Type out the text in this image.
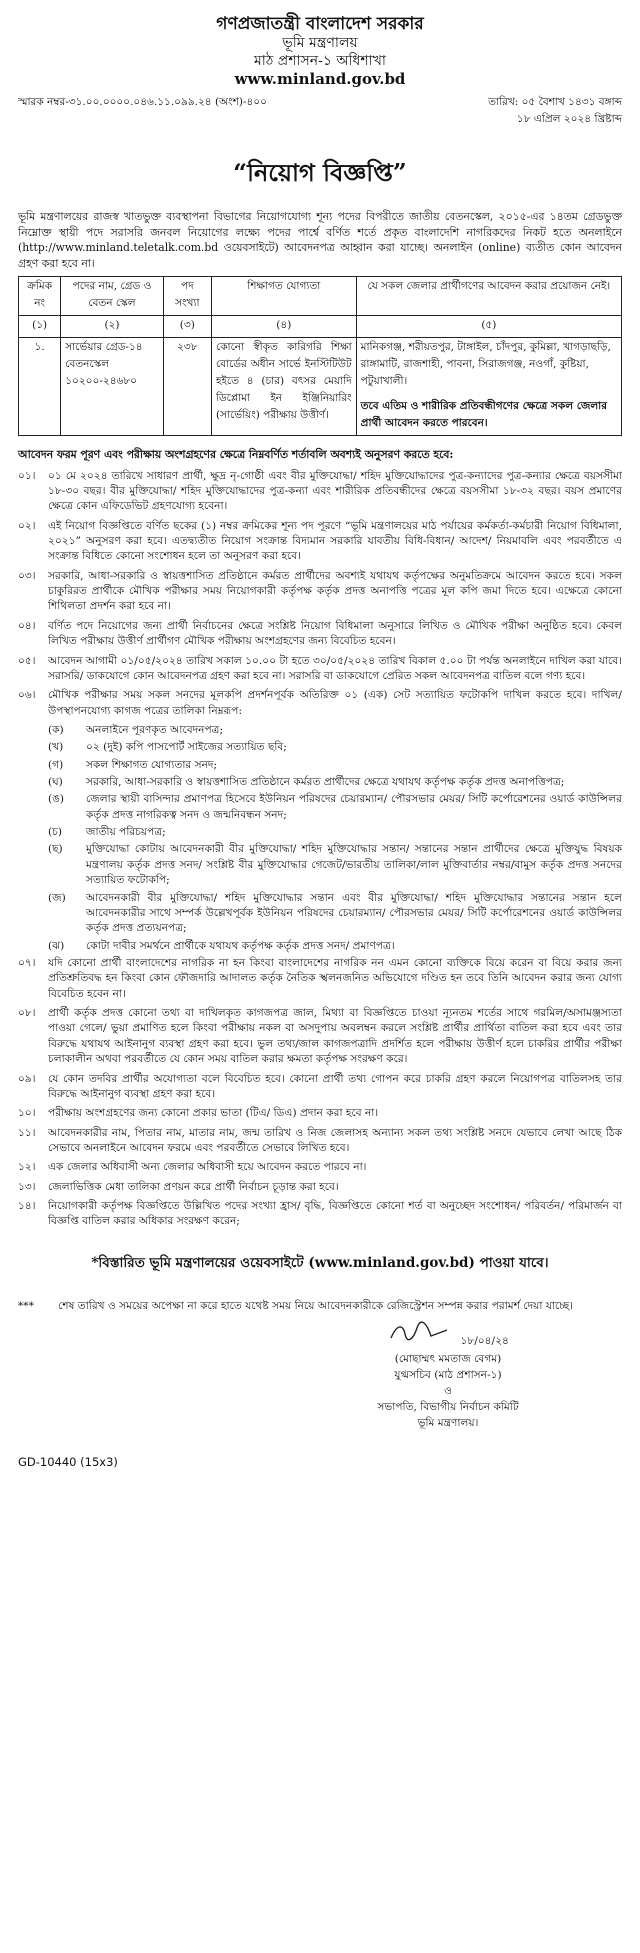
গণপ্রজাতন্ত্রী বাংলাদেশ সরকার
ভূমি মন্ত্রণালয়
মাঠ প্রশাসন-১ অধিশাখা
www.minland.gov.bd
স্মারক নম্বর-৩১.০০.০০০০.০৪৬.১১.০৯৯.২৪ (অংশ)-৪০০	তারিখ: ০৫ বৈশাখ ১৪৩১ বঙ্গাব্দ
১৮ এপ্রিল ২০২৪ খ্রিষ্টাব্দ
“নিয়োগ বিজ্ঞপ্তি”

ভূমি মন্ত্রণালয়ের রাজস্ব খাতভুক্ত ব্যবস্থাপনা বিভাগের নিয়োগযোগ্য শূন্য পদের বিপরীতে জাতীয় বেতনস্কেল, ২০১৫-এর ১৪তম গ্রেডভুক্ত নিম্নোক্ত স্থায়ী পদে সরাসরি জনবল নিয়োগের লক্ষ্যে পদের পার্শ্বে বর্ণিত শর্তে প্রকৃত বাংলাদেশি নাগরিকদের নিকট হতে অনলাইনে (http://www.minland.teletalk.com.bd ওয়েবসাইটে) আবেদনপত্র আহ্বান করা যাচ্ছে। অনলাইন (online) ব্যতীত কোন আবেদন গ্রহণ করা হবে না।

ক্রমিক নং	পদের নাম, গ্রেড ও বেতন স্কেল	পদ সংখ্যা	শিক্ষাগত যোগ্যতা	যে সকল জেলার প্রার্থীগণের আবেদন করার প্রয়োজন নেই।
(১)	(২)	(৩)	(৪)	(৫)
১.	সার্ভেয়ার গ্রেড-১৪ বেতনস্কেল ১০২০০-২৪৬৮০	২৩৮	কোনো স্বীকৃত কারিগরি শিক্ষা বোর্ডের অধীন সার্ভে ইনস্টিটিউট হইতে ৪ (চার) বৎসর মেয়াদি ডিপ্লোমা ইন ইঞ্জিনিয়ারিং (সার্ভেয়িং) পরীক্ষায় উত্তীর্ণ।	মানিকগঞ্জ, শরীয়তপুর, টাঙ্গাইল, চাঁদপুর, কুমিল্লা, খাগড়াছড়ি, রাঙ্গামাটি, রাজশাহী, পাবনা, সিরাজগঞ্জ, নওগাঁ, কুষ্টিয়া, পটুয়াখালী।
তবে এতিম ও শারীরিক প্রতিবন্ধীগণের ক্ষেত্রে সকল জেলার প্রার্থী আবেদন করতে পারবেন।
আবেদন ফরম পূরণ এবং পরীক্ষায় অংশগ্রহণের ক্ষেত্রে নিম্নবর্ণিত শর্তাবলি অবশ্যই অনুসরণ করতে হবে:
০১।	০১ মে ২০২৪ তারিখে সাধারণ প্রার্থী, ক্ষুদ্র নৃ-গোষ্ঠী এবং বীর মুক্তিযোদ্ধা/ শহিদ মুক্তিযোদ্ধাদের পুত্র-কন্যাদের পুত্র-কন্যার ক্ষেত্রে বয়সসীমা ১৮-৩০ বছর। বীর মুক্তিযোদ্ধা/ শহিদ মুক্তিযোদ্ধাদের পুত্র-কন্যা এবং শারীরিক প্রতিবন্ধীদের ক্ষেত্রে বয়সসীমা ১৮-৩২ বছর। বয়স প্রমাণের ক্ষেত্রে কোন এফিডেভিট গ্রহণযোগ্য হবেনা।
০২।	এই নিয়োগ বিজ্ঞপ্তিতে বর্ণিত ছকের (১) নম্বর ক্রমিকের শূন্য পদ পূরণে “ভূমি মন্ত্রণালয়ের মাঠ পর্যায়ের কর্মকর্তা-কর্মচারী নিয়োগ বিধিমালা, ২০২১” অনুসরণ করা হবে। এতদ্ব্যতীত নিয়োগ সংক্রান্ত বিদ্যমান সরকারি যাবতীয় বিধি-বিধান/ আদেশ/ নিয়মাবলি এবং পরবর্তীতে এ সংক্রান্ত বিধিতে কোনো সংশোধন হলে তা অনুসরণ করা হবে।
০৩।	সরকারি, আধা-সরকারি ও স্বায়ত্তশাসিত প্রতিষ্ঠানে কর্মরত প্রার্থীদের অবশ্যই যথাযথ কর্তৃপক্ষের অনুমতিক্রমে আবেদন করতে হবে। সকল চাকুরিরত প্রার্থীকে মৌখিক পরীক্ষার সময় নিয়োগকারী কর্তৃপক্ষ কর্তৃক প্রদত্ত অনাপত্তি পত্রের মূল কপি জমা দিতে হবে। এক্ষেত্রে কোনো শিথিলতা প্রদর্শন করা হবে না।
০৪।	বর্ণিত পদে নিয়োগের জন্য প্রার্থী নির্বাচনের ক্ষেত্রে সংশ্লিষ্ট নিয়োগ বিধিমালা অনুসারে লিখিত ও মৌখিক পরীক্ষা অনুষ্ঠিত হবে। কেবল লিখিত পরীক্ষায় উত্তীর্ণ প্রার্থীগণ মৌখিক পরীক্ষায় অংশগ্রহণের জন্য বিবেচিত হবেন।
০৫।	আবেদন আগামী ০১/০৫/২০২৪ তারিখ সকাল ১০.০০ টা হতে ৩০/০৫/২০২৪ তারিখ বিকাল ৫.০০ টা পর্যন্ত অনলাইনে দাখিল করা যাবে। সরাসরি/ ডাকযোগে কোন আবেদনপত্র গ্রহণ করা হবে না। সরাসরি বা ডাকযোগে প্রেরিত সকল আবেদনপত্র বাতিল বলে গণ্য হবে।
০৬।	মৌখিক পরীক্ষার সময় সকল সনদের মূলকপি প্রদর্শনপূর্বক অতিরিক্ত ০১ (এক) সেট সত্যায়িত ফটোকপি দাখিল করতে হবে। দাখিল/ উপস্থাপনযোগ্য কাগজ পত্রের তালিকা নিম্নরূপ:
(ক)	অনলাইনে পূরণকৃত আবেদনপত্র;
(খ)	০২ (দুই) কপি পাসপোর্ট সাইজের সত্যায়িত ছবি;
(গ)	সকল শিক্ষাগত যোগ্যতার সনদ;
(ঘ)	সরকারি, আধা-সরকারি ও স্বায়ত্তশাসিত প্রতিষ্ঠানে কর্মরত প্রার্থীদের ক্ষেত্রে যথাযথ কর্তৃপক্ষ কর্তৃক প্রদত্ত অনাপত্তিপত্র;
(ঙ)	জেলার স্থায়ী বাসিন্দার প্রমাণপত্র হিসেবে ইউনিয়ন পরিষদের চেয়ারম্যান/ পৌরসভার মেয়র/ সিটি কর্পোরেশনের ওয়ার্ড কাউন্সিলর কর্তৃক প্রদত্ত নাগরিকত্ব সনদ ও জন্মনিবন্ধন সনদ;
(চ)	জাতীয় পরিচয়পত্র;
(ছ)	মুক্তিযোদ্ধা কোটায় আবেদনকারী বীর মুক্তিযোদ্ধা/ শহিদ মুক্তিযোদ্ধার সন্তান/ সন্তানের সন্তান প্রার্থীদের ক্ষেত্রে মুক্তিযুদ্ধ বিষয়ক মন্ত্রণালয় কর্তৃক প্রদত্ত সনদ/ সংশ্লিষ্ট বীর মুক্তিযোদ্ধার গেজেট/ভারতীয় তালিকা/লাল মুক্তিবার্তার নম্বর/বামুস কর্তৃক প্রদত্ত সনদের সত্যায়িত ফটোকপি;
(জ)	আবেদনকারী বীর মুক্তিযোদ্ধা/ শহিদ মুক্তিযোদ্ধার সন্তান এবং বীর মুক্তিযোদ্ধা/ শহিদ মুক্তিযোদ্ধার সন্তানের সন্তান হলে আবেদনকারীর সাথে সম্পর্ক উল্লেখপূর্বক ইউনিয়ন পরিষদের চেয়ারম্যান/ পৌরসভার মেয়র/ সিটি কর্পোরেশনের ওয়ার্ড কাউন্সিলর কর্তৃক প্রদত্ত প্রত্যয়নপত্র;
(ঝ)	কোটা দাবীর সমর্থনে প্রার্থীকে যথাযথ কর্তৃপক্ষ কর্তৃক প্রদত্ত সনদ/ প্রমাণপত্র।
০৭।	যদি কোনো প্রার্থী বাংলাদেশের নাগরিক না হন কিংবা বাংলাদেশের নাগরিক নন এমন কোনো ব্যক্তিকে বিয়ে করেন বা বিয়ে করার জন্য প্রতিশ্রুতিবদ্ধ হন কিংবা কোন ফৌজদারি আদালত কর্তৃক নৈতিক স্খলনজনিত অভিযোগে দণ্ডিত হন তবে তিনি আবেদন করার জন্য যোগ্য বিবেচিত হবেন না।
০৮।	প্রার্থী কর্তৃক প্রদত্ত কোনো তথ্য বা দাখিলকৃত কাগজপত্র জাল, মিথ্যা বা বিজ্ঞপ্তিতে চাওয়া ন্যূনতম শর্তের সাথে গরমিল/অসামঞ্জস্যতা পাওয়া গেলে/ ভুয়া প্রমাণিত হলে কিংবা পরীক্ষায় নকল বা অসদুপায় অবলম্বন করলে সংশ্লিষ্ট প্রার্থীর প্রার্থিতা বাতিল করা হবে এবং তার বিরুদ্ধে যথাযথ আইনানুগ ব্যবস্থা গ্রহণ করা হবে। ভুল তথ্য/জাল কাগজপত্রাদি প্রদর্শিত হলে পরীক্ষায় উত্তীর্ণ হলে চাকরির প্রার্থীর পরীক্ষা চলাকালীন অথবা পরবর্তীতে যে কোন সময় বাতিল করার ক্ষমতা কর্তৃপক্ষ সংরক্ষণ করে।
০৯।	যে কোন তদবির প্রার্থীর অযোগ্যতা বলে বিবেচিত হবে। কোনো প্রার্থী তথ্য গোপন করে চাকরি গ্রহণ করলে নিয়োগপত্র বাতিলসহ তার বিরুদ্ধে আইনানুগ ব্যবস্থা গ্রহণ করা হবে।
১০।	পরীক্ষায় অংশগ্রহণের জন্য কোনো প্রকার ভাতা (টিএ/ ডিএ) প্রদান করা হবে না।
১১।	আবেদনকারীর নাম, পিতার নাম, মাতার নাম, জন্ম তারিখ ও নিজ জেলাসহ অন্যান্য সকল তথ্য সংশ্লিষ্ট সনদে যেভাবে লেখা আছে ঠিক সেভাবে অনলাইনে আবেদন ফরমে এবং পরবর্তীতে সেভাবে লিখিত হবে।
১২।	এক জেলার অধিবাসী অন্য জেলার অধিবাসী হয়ে আবেদন করতে পারবে না।
১৩।	জেলাভিত্তিক মেধা তালিকা প্রণয়ন করে প্রার্থী নির্বাচন চূড়ান্ত করা হবে।
১৪।	নিয়োগকারী কর্তৃপক্ষ বিজ্ঞপ্তিতে উল্লিখিত পদের সংখ্যা হ্রাস/ বৃদ্ধি, বিজ্ঞপ্তিতে কোনো শর্ত বা অনুচ্ছেদ সংশোধন/ পরিবর্তন/ পরিমার্জন বা বিজ্ঞপ্তি বাতিল করার অধিকার সংরক্ষণ করেন;
*বিস্তারিত ভূমি মন্ত্রণালয়ের ওয়েবসাইটে (www.minland.gov.bd) পাওয়া যাবে।
***	শেষ তারিখ ও সময়ের অপেক্ষা না করে হাতে যথেষ্ট সময় নিয়ে আবেদনকারীকে রেজিস্ট্রেশন সম্পন্ন করার পরামর্শ দেয়া যাচ্ছে।
১৮/০৪/২৪
(মোছাম্মৎ মমতাজ বেগম)
যুগ্মসচিব (মাঠ প্রশাসন-১)
ও
সভাপতি, বিভাগীয় নির্বাচন কমিটি
ভূমি মন্ত্রণালয়।
GD-10440 (15x3)
